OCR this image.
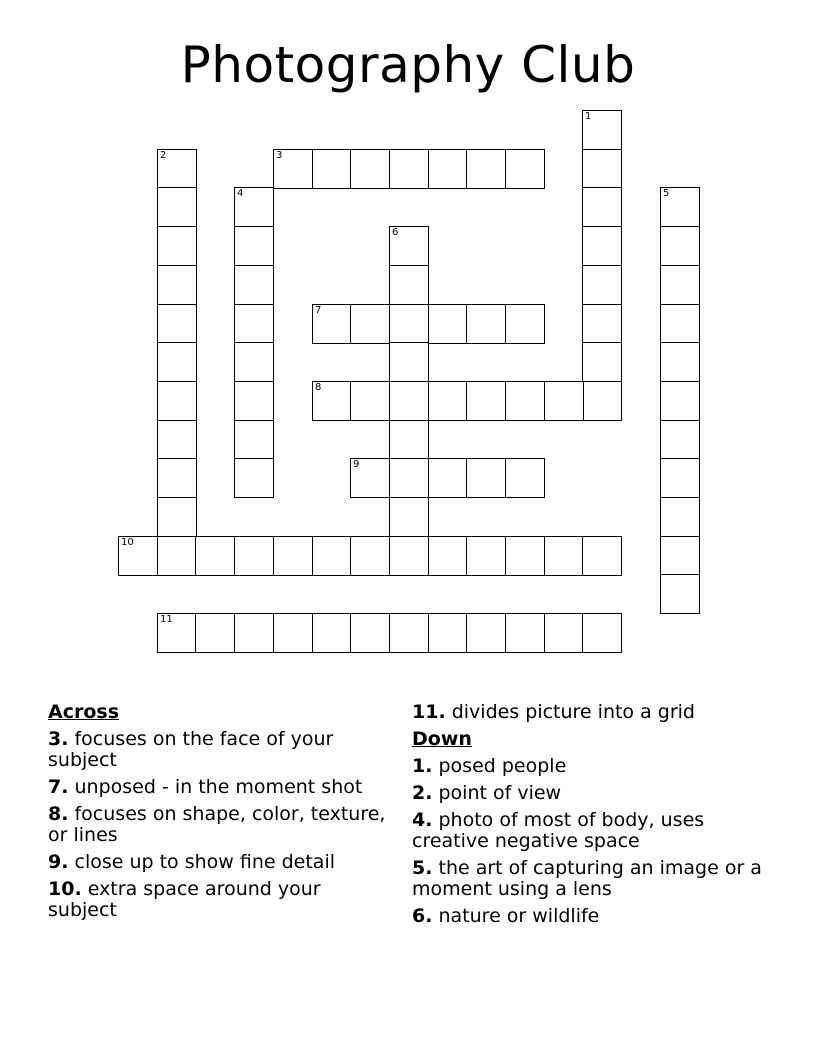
Photography Club
1
2	3
4	5
6
7
8
9
10
11
Across
3. focuses on the face of your subject
7. unposed - in the moment shot
8. focuses on shape, color, texture, or lines
9. close up to show fine detail
10. extra space around your subject
11. divides picture into a grid
Down
1. posed people
2. point of view
4. photo of most of body, uses creative negative space
5. the art of capturing an image or a moment using a lens
6. nature or wildlife
